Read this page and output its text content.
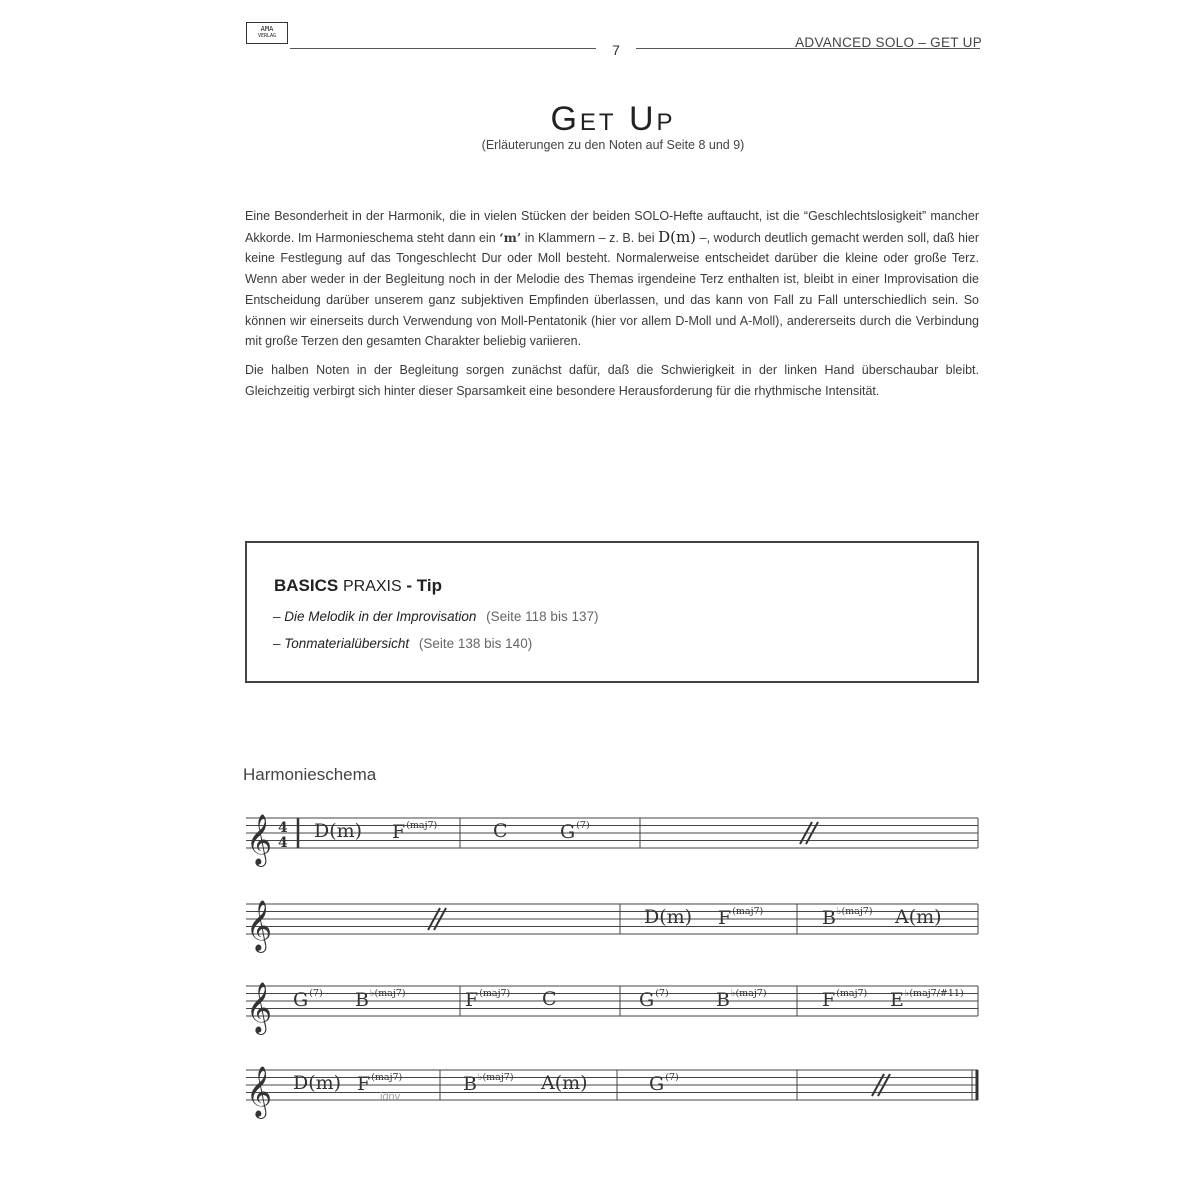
AMA
VERLAG
7	ADVANCED SOLO – GET UP
Get Up
(Erläuterungen zu den Noten auf Seite 8 und 9)

Eine Besonderheit in der Harmonik, die in vielen Stücken der beiden SOLO-Hefte auftaucht, ist die “Geschlechtslosigkeit” mancher Akkorde. Im Harmonieschema steht dann ein ‘m’ in Klammern – z. B. bei D(m) –, wodurch deutlich gemacht werden soll, daß hier keine Festlegung auf das Tongeschlecht Dur oder Moll besteht. Normalerweise entscheidet darüber die kleine oder große Terz. Wenn aber weder in der Begleitung noch in der Melodie des Themas irgendeine Terz enthalten ist, bleibt in einer Improvisation die Entscheidung darüber unserem ganz subjektiven Empfinden überlassen, und das kann von Fall zu Fall unterschiedlich sein. So können wir einerseits durch Verwendung von Moll-Pentatonik (hier vor allem D-Moll und A-Moll), andererseits durch die Verbindung mit große Terzen den gesamten Charakter beliebig variieren.

Die halben Noten in der Begleitung sorgen zunächst dafür, daß die Schwierigkeit in der linken Hand überschaubar bleibt. Gleichzeitig verbirgt sich hinter dieser Sparsamkeit eine besondere Herausforderung für die rhythmische Intensität.

BASICS PRAXIS - Tip
– Die Melodik in der Improvisation (Seite 118 bis 137)
– Tonmaterialübersicht (Seite 138 bis 140)
Harmonieschema
𝄞 4
4
𝄞
𝄞
𝄞
D(m) $F^{(maj7)}$	C	$G^{(7)}$
D(m) $F^{(maj7)}$	$B^{♭(maj7)}$ A(m)
$G^{(7)}$ $B^{♭(maj7)}$	$F^{(maj7)}$ C	$G^{(7)}$ $B^{♭(maj7)}$	$F^{(maj7)}$ $E^{♭(maj7/\#11)}$
D(m) $F^{(maj7)}$	$B^{♭(maj7)}$ A(m)	$G^{(7)}$
idnv
